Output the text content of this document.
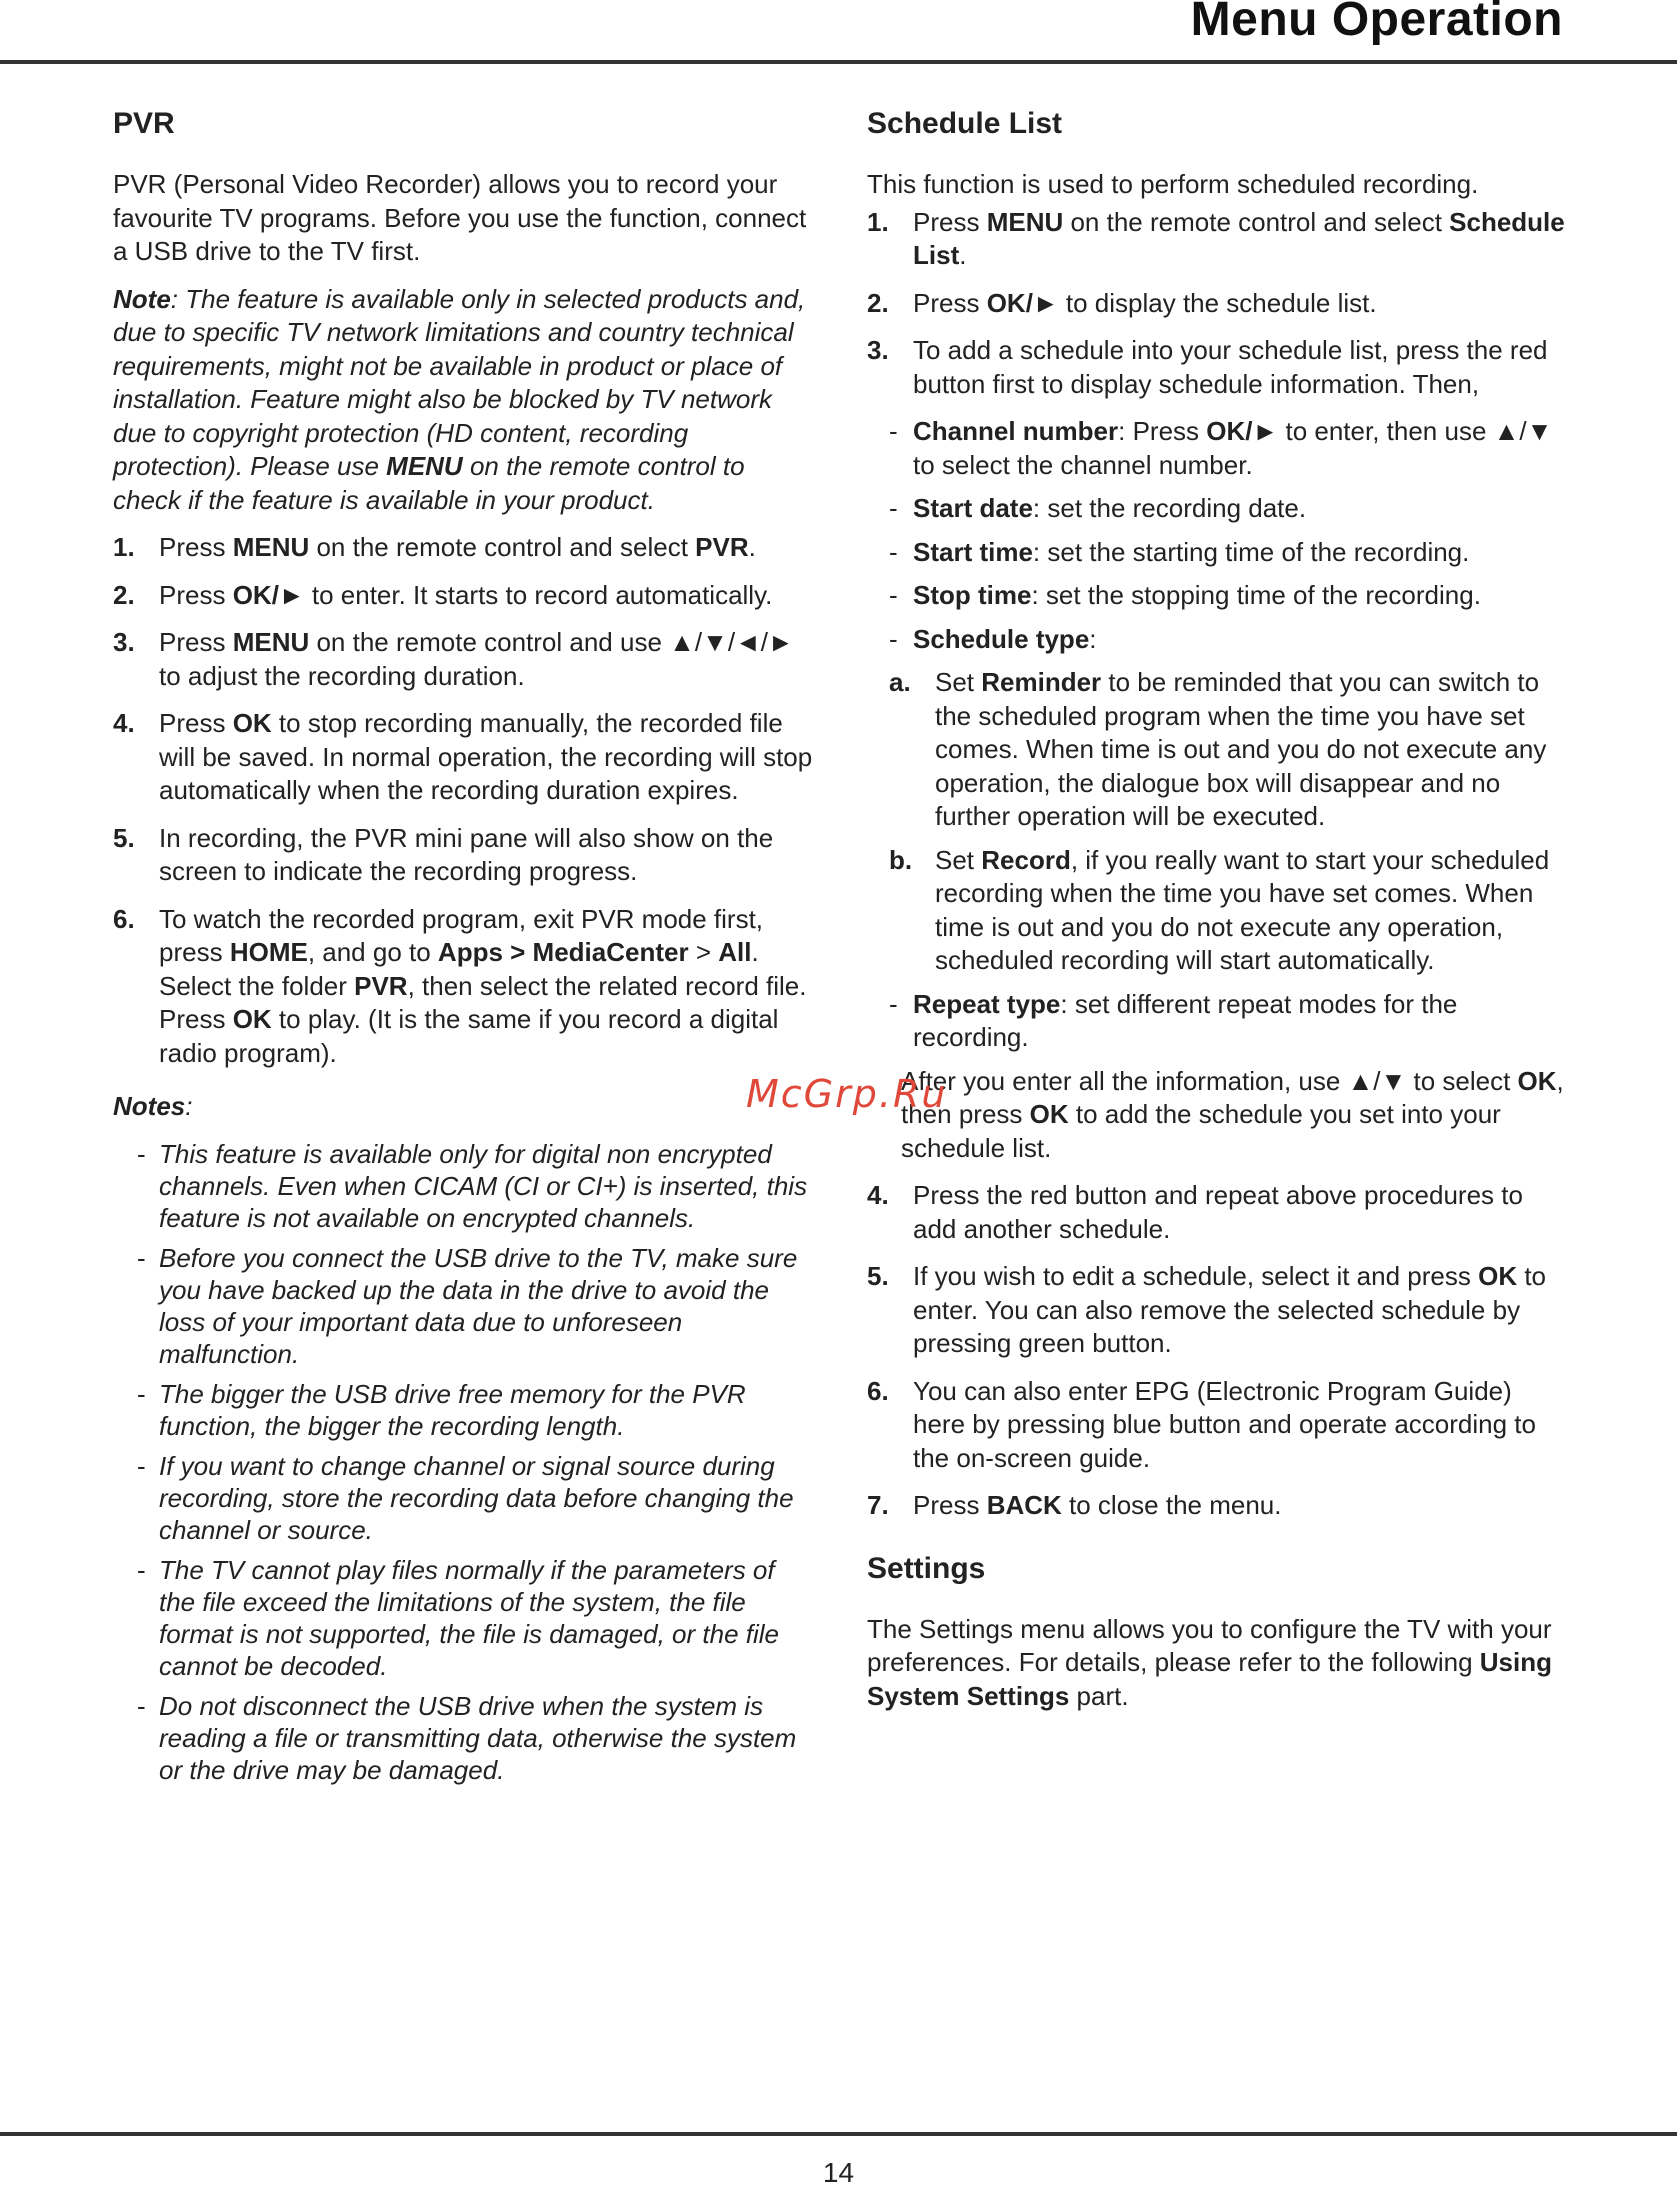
Menu Operation
PVR

PVR (Personal Video Recorder) allows you to record your favourite TV programs. Before you use the function, connect a USB drive to the TV first.

Note: The feature is available only in selected products and, due to specific TV network limitations and country technical requirements, might not be available in product or place of installation. Feature might also be blocked by TV network due to copyright protection (HD content, recording protection). Please use MENU on the remote control to check if the feature is available in your product.

1. Press MENU on the remote control and select PVR.
2. Press OK/► to enter. It starts to record automatically.
3. Press MENU on the remote control and use ▲/▼/◄/► to adjust the recording duration.
4. Press OK to stop recording manually, the recorded file will be saved. In normal operation, the recording will stop automatically when the recording duration expires.
5. In recording, the PVR mini pane will also show on the screen to indicate the recording progress.
6. To watch the recorded program, exit PVR mode first, press HOME, and go to Apps > MediaCenter > All. Select the folder PVR, then select the related record file. Press OK to play. (It is the same if you record a digital radio program).

Notes:

- This feature is available only for digital non encrypted channels. Even when CICAM (CI or CI+) is inserted, this feature is not available on encrypted channels.
- Before you connect the USB drive to the TV, make sure you have backed up the data in the drive to avoid the loss of your important data due to unforeseen malfunction.
- The bigger the USB drive free memory for the PVR function, the bigger the recording length.
- If you want to change channel or signal source during recording, store the recording data before changing the channel or source.
- The TV cannot play files normally if the parameters of the file exceed the limitations of the system, the file format is not supported, the file is damaged, or the file cannot be decoded.
- Do not disconnect the USB drive when the system is reading a file or transmitting data, otherwise the system or the drive may be damaged.
Schedule List

This function is used to perform scheduled recording.

1. Press MENU on the remote control and select Schedule List.
2. Press OK/► to display the schedule list.
3. To add a schedule into your schedule list, press the red button first to display schedule information. Then,
- Channel number: Press OK/► to enter, then use ▲/▼ to select the channel number.
- Start date: set the recording date.
- Start time: set the starting time of the recording.
- Stop time: set the stopping time of the recording.
- Schedule type:
a. Set Reminder to be reminded that you can switch to the scheduled program when the time you have set comes. When time is out and you do not execute any operation, the dialogue box will disappear and no further operation will be executed.
b. Set Record, if you really want to start your scheduled recording when the time you have set comes. When time is out and you do not execute any operation, scheduled recording will start automatically.
- Repeat type: set different repeat modes for the recording.

After you enter all the information, use ▲/▼ to select OK, then press OK to add the schedule you set into your schedule list.

4. Press the red button and repeat above procedures to add another schedule.
5. If you wish to edit a schedule, select it and press OK to enter. You can also remove the selected schedule by pressing green button.
6. You can also enter EPG (Electronic Program Guide) here by pressing blue button and operate according to the on-screen guide.
7. Press BACK to close the menu.
Settings

The Settings menu allows you to configure the TV with your preferences. For details, please refer to the following Using System Settings part.

McGrp.Ru
14
